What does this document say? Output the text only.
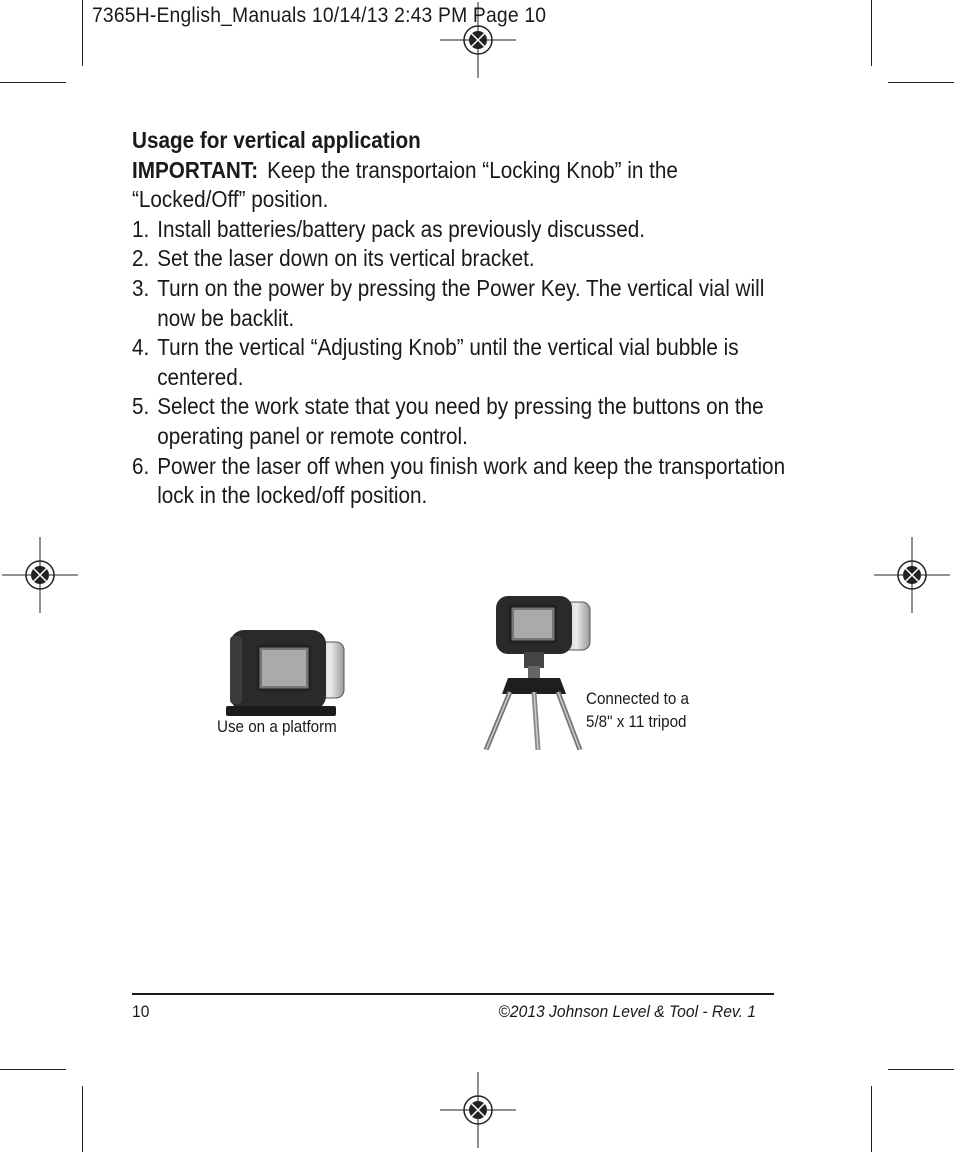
7365H-English_Manuals 10/14/13 2:43 PM Page 10
Usage for vertical application
IMPORTANT: Keep the transportaion “Locking Knob” in the “Locked/Off” position.
1. Install batteries/battery pack as previously discussed.
2. Set the laser down on its vertical bracket.
3. Turn on the power by pressing the Power Key. The vertical vial will now be backlit.
4. Turn the vertical “Adjusting Knob” until the vertical vial bubble is centered.
5. Select the work state that you need by pressing the buttons on the operating panel or remote control.
6. Power the laser off when you finish work and keep the transportation lock in the locked/off position.
Use on a platform
Connected to a
5/8" x 11 tripod
10	©2013 Johnson Level & Tool - Rev. 1
